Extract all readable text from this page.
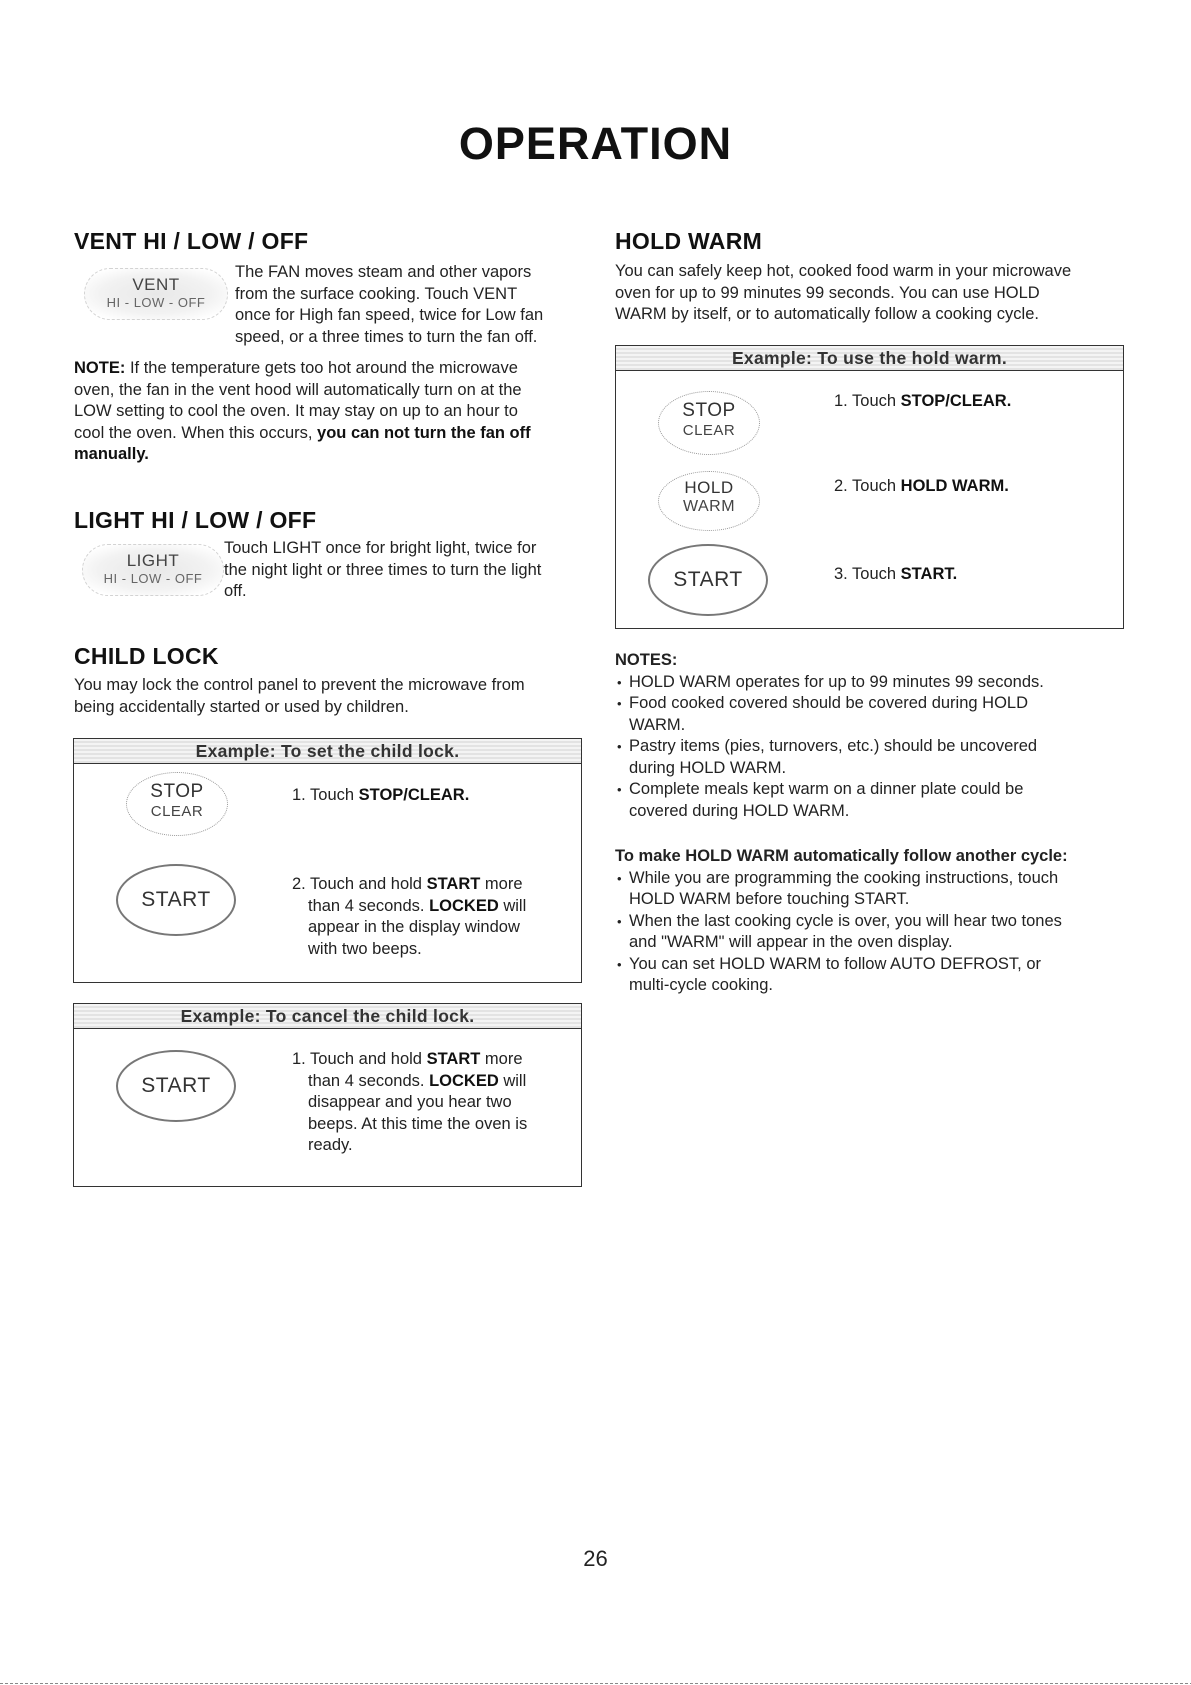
OPERATION
VENT HI / LOW / OFF
VENT
HI - LOW - OFF
The FAN moves steam and other vapors
from the surface cooking. Touch VENT
once for High fan speed, twice for Low fan
speed, or a three times to turn the fan off.
NOTE: If the temperature gets too hot around the microwave
oven, the fan in the vent hood will automatically turn on at the
LOW setting to cool the oven. It may stay on up to an hour to
cool the oven. When this occurs, you can not turn the fan off
manually.
LIGHT HI / LOW / OFF
LIGHT
HI - LOW - OFF
Touch LIGHT once for bright light, twice for
the night light or three times to turn the light
off.
CHILD LOCK
You may lock the control panel to prevent the microwave from
being accidentally started or used by children.
Example: To set the child lock.
STOP
CLEAR
1. Touch STOP/CLEAR.
START
2. Touch and hold START more
than 4 seconds. LOCKED will
appear in the display window
with two beeps.
Example: To cancel the child lock.
START
1. Touch and hold START more
than 4 seconds. LOCKED will
disappear and you hear two
beeps. At this time the oven is
ready.
HOLD WARM
You can safely keep hot, cooked food warm in your microwave
oven for up to 99 minutes 99 seconds. You can use HOLD
WARM by itself, or to automatically follow a cooking cycle.
Example: To use the hold warm.
STOP
CLEAR
1. Touch STOP/CLEAR.
HOLD
WARM
2. Touch HOLD WARM.
START	3. Touch START.
NOTES:
• HOLD WARM operates for up to 99 minutes 99 seconds.
• Food cooked covered should be covered during HOLD
WARM.
• Pastry items (pies, turnovers, etc.) should be uncovered
during HOLD WARM.
• Complete meals kept warm on a dinner plate could be
covered during HOLD WARM.
To make HOLD WARM automatically follow another cycle:
• While you are programming the cooking instructions, touch
HOLD WARM before touching START.
• When the last cooking cycle is over, you will hear two tones
and "WARM" will appear in the oven display.
• You can set HOLD WARM to follow AUTO DEFROST, or
multi-cycle cooking.
26
